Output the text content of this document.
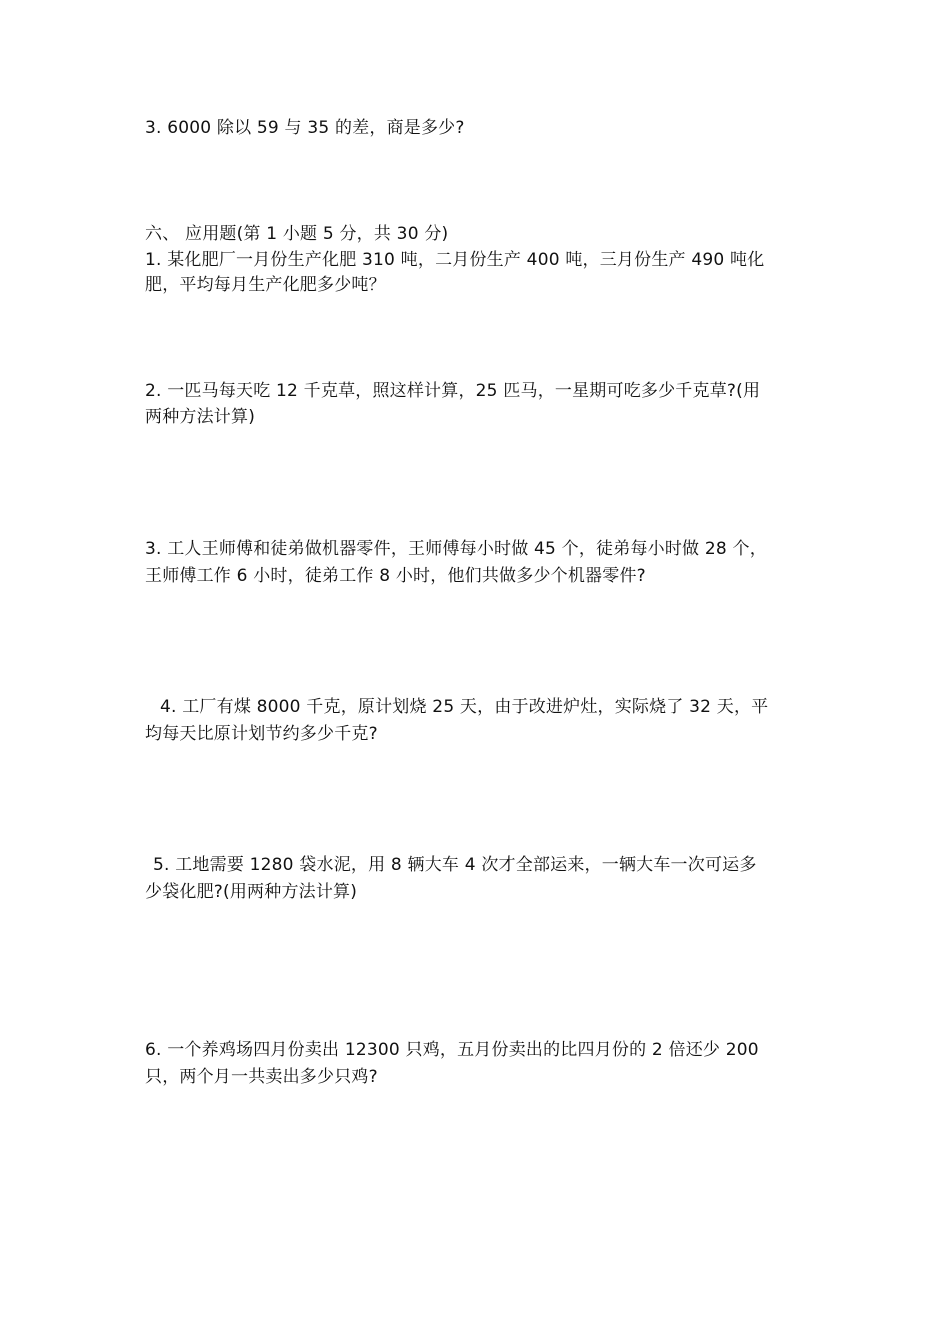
3. 6000 除以 59 与 35 的差，商是多少?
六、 应用题(第 1 小题 5 分，共 30 分)
1. 某化肥厂一月份生产化肥 310 吨，二月份生产 400 吨，三月份生产 490 吨化
肥，平均每月生产化肥多少吨？
2. 一匹马每天吃 12 千克草，照这样计算，25 匹马，一星期可吃多少千克草?(用
两种方法计算)
3. 工人王师傅和徒弟做机器零件，王师傅每小时做 45 个，徒弟每小时做 28 个，
王师傅工作 6 小时，徒弟工作 8 小时，他们共做多少个机器零件?
4. 工厂有煤 8000 千克，原计划烧 25 天，由于改进炉灶，实际烧了 32 天，平
均每天比原计划节约多少千克?
5. 工地需要 1280 袋水泥，用 8 辆大车 4 次才全部运来，一辆大车一次可运多
少袋化肥?(用两种方法计算)
6. 一个养鸡场四月份卖出 12300 只鸡，五月份卖出的比四月份的 2 倍还少 200
只，两个月一共卖出多少只鸡?
